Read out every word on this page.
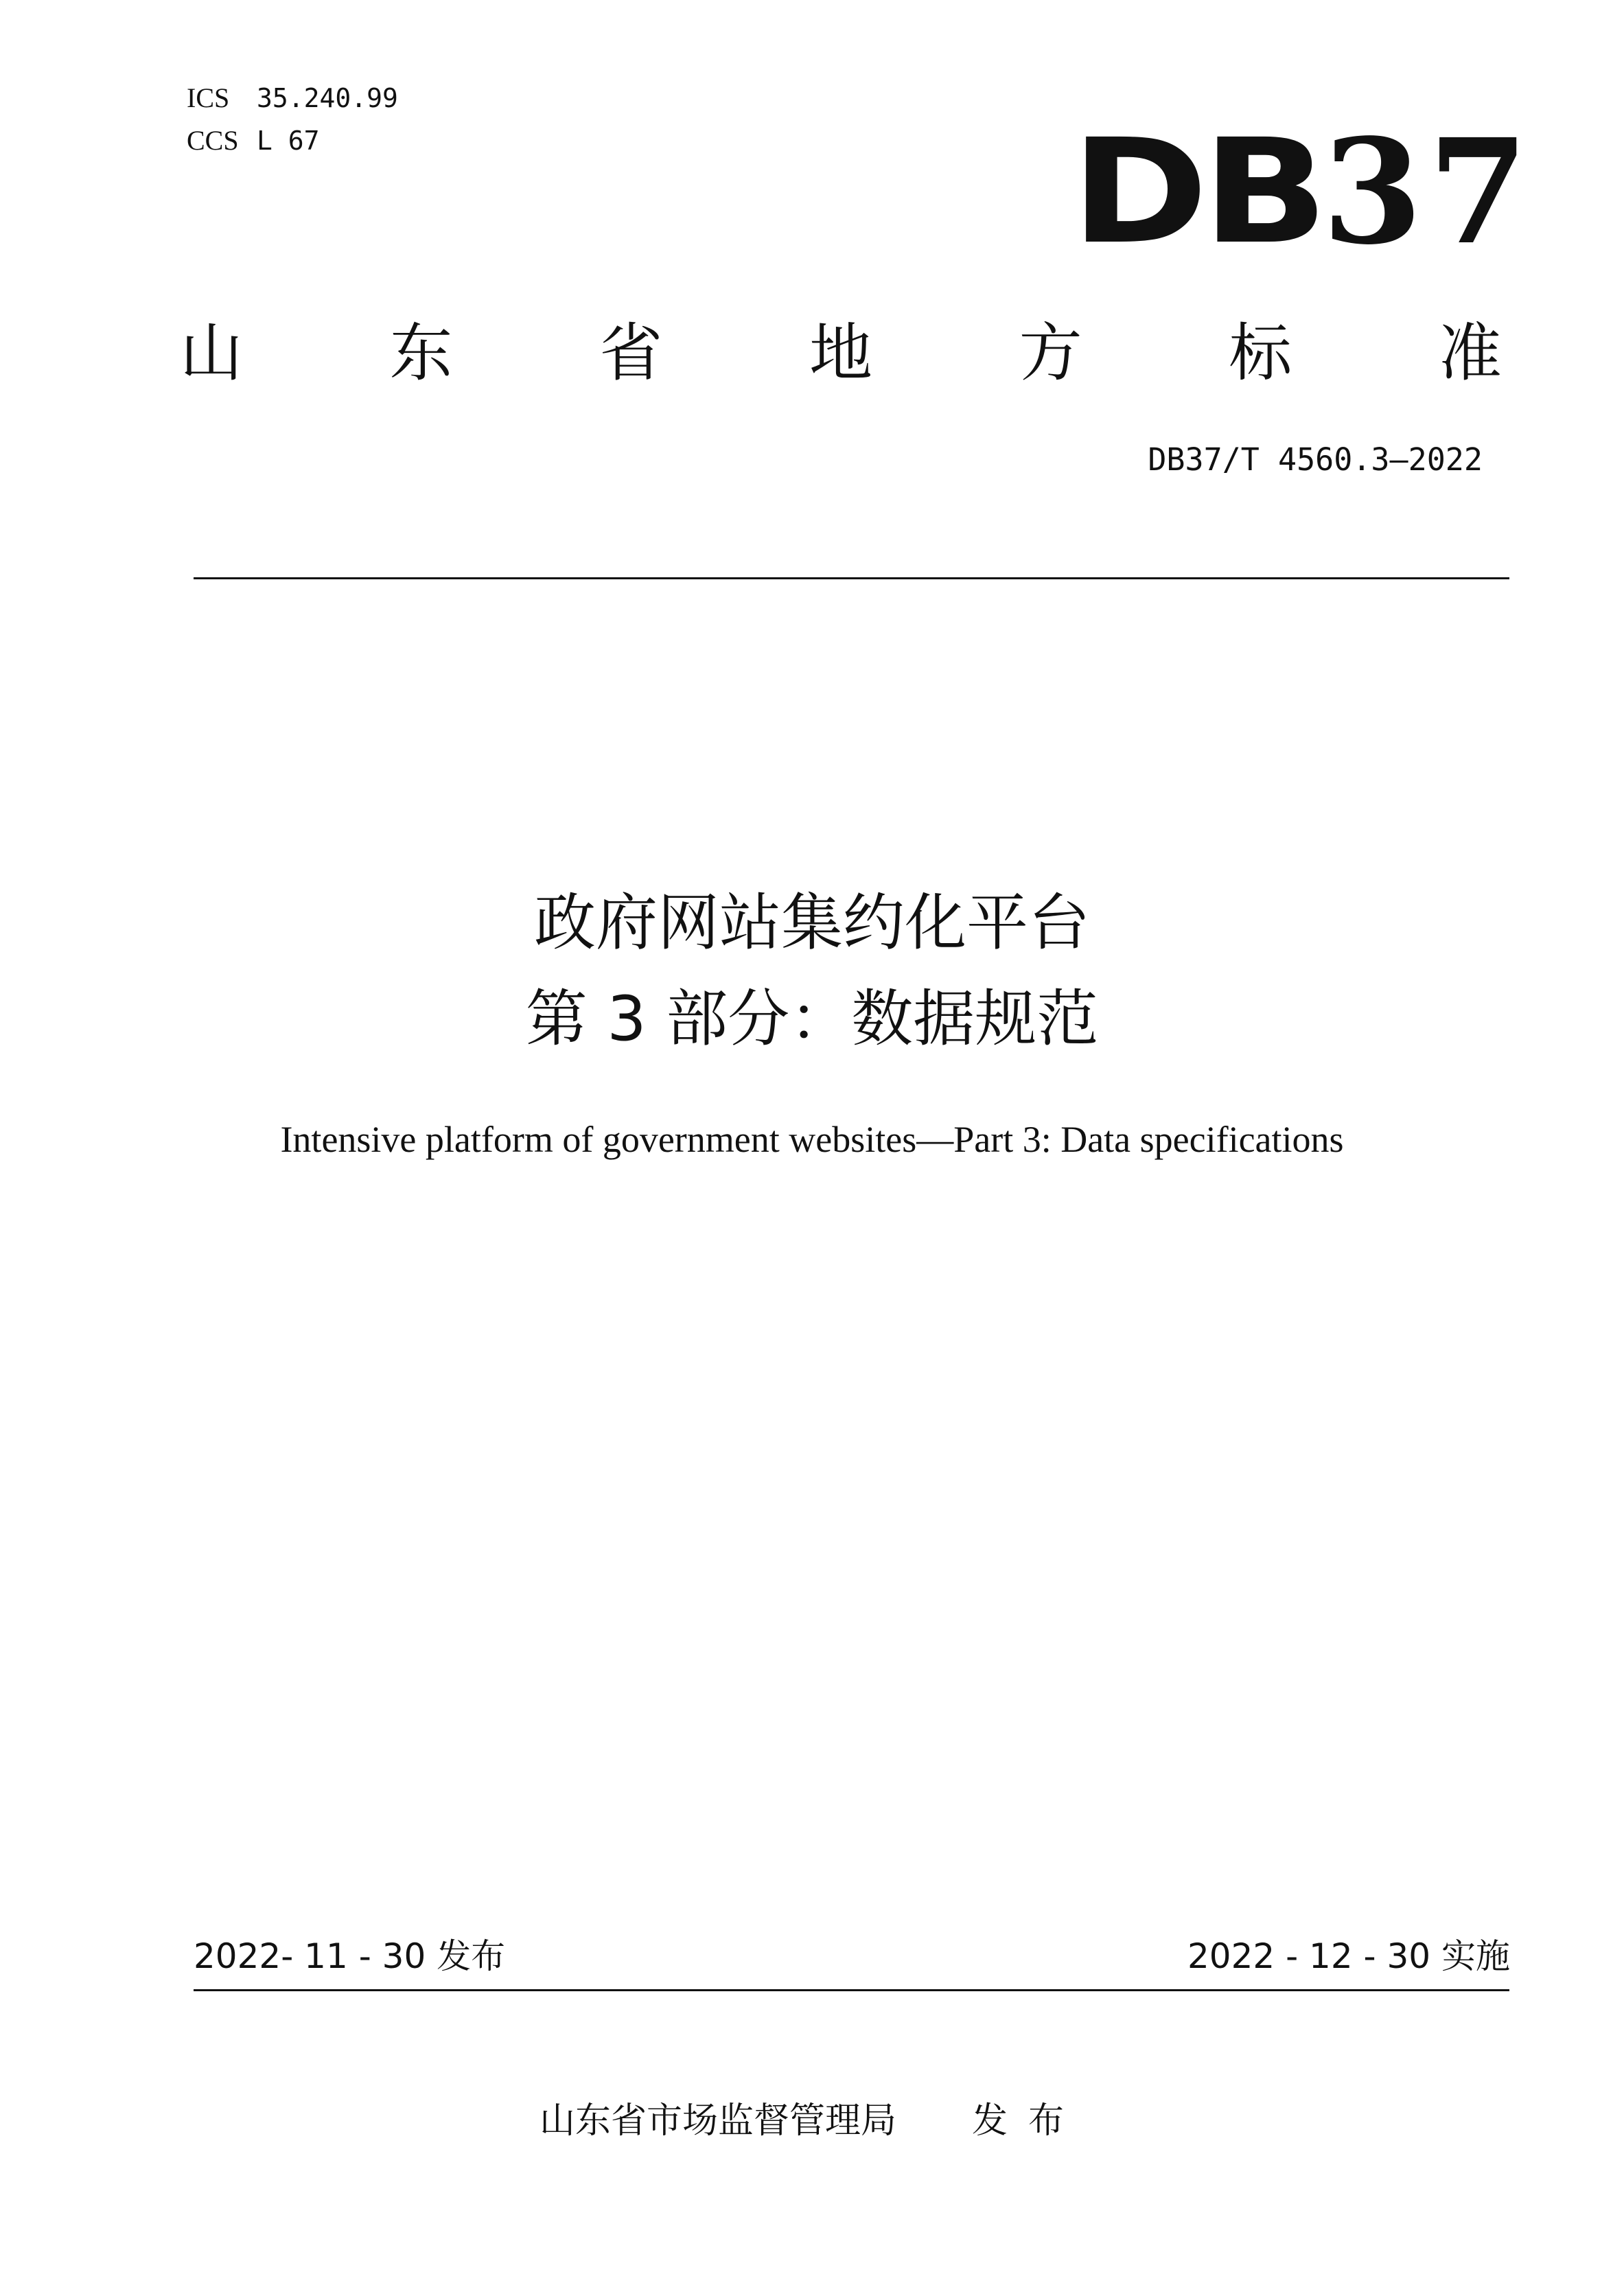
ICS	35.240.99
CCS L 67	DB 37
山 东 省 地 方 标 准
DB37/T 4560.3—2022
政府网站集约化平台
第 3 部分：数据规范
Intensive platform of government websites—Part 3: Data specifications
2022- 11 - 30 发布	2022 - 12 - 30 实施
山东省市场监督管理局 发布
